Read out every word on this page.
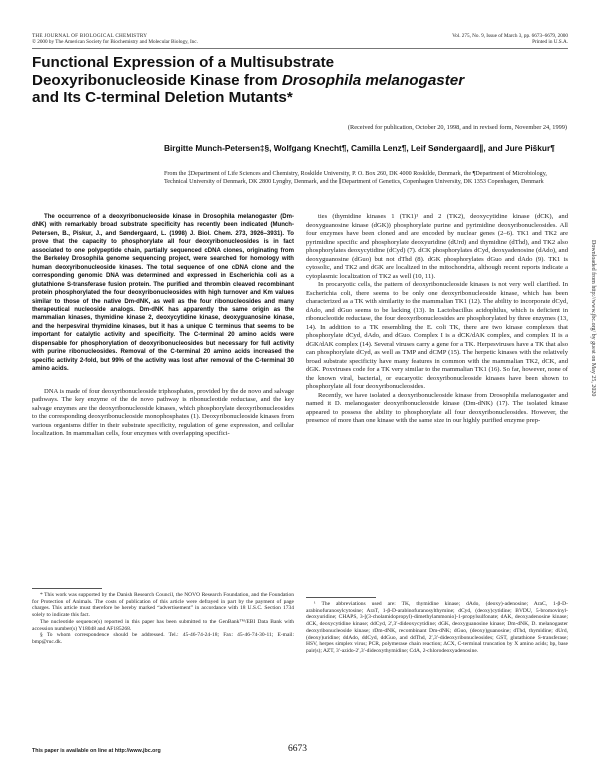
THE JOURNAL OF BIOLOGICAL CHEMISTRY
© 2000 by The American Society for Biochemistry and Molecular Biology, Inc.
Vol. 275, No. 9, Issue of March 3, pp. 6673–6679, 2000
Printed in U.S.A.
Functional Expression of a Multisubstrate Deoxyribonucleoside Kinase from Drosophila melanogaster and Its C-terminal Deletion Mutants*
(Received for publication, October 20, 1998, and in revised form, November 24, 1999)
Birgitte Munch-Petersen‡§, Wolfgang Knecht¶, Camilla Lenz¶, Leif Søndergaard∥, and Jure Piškur¶
From the ‡Department of Life Sciences and Chemistry, Roskilde University, P. O. Box 260, DK 4000 Roskilde, Denmark, the ¶Department of Microbiology, Technical University of Denmark, DK 2800 Lyngby, Denmark, and the ∥Department of Genetics, Copenhagen University, DK 1353 Copenhagen, Denmark

The occurrence of a deoxyribonucleoside kinase in Drosophila melanogaster (Dm-dNK) with remarkably broad substrate specificity has recently been indicated (Munch-Petersen, B., Piskur, J., and Søndergaard, L. (1998) J. Biol. Chem. 273, 3926–3931). To prove that the capacity to phosphorylate all four deoxyribonucleosides is in fact associated to one polypeptide chain, partially sequenced cDNA clones, originating from the Berkeley Drosophila genome sequencing project, were searched for homology with human deoxyribonucleoside kinases. The total sequence of one cDNA clone and the corresponding genomic DNA was determined and expressed in Escherichia coli as a glutathione S-transferase fusion protein. The purified and thrombin cleaved recombinant protein phosphorylated the four deoxyribonucleosides with high turnover and Km values similar to those of the native Dm-dNK, as well as the four ribonucleosides and many therapeutical nucleoside analogs. Dm-dNK has apparently the same origin as the mammalian kinases, thymidine kinase 2, deoxycytidine kinase, deoxyguanosine kinase, and the herpesviral thymidine kinases, but it has a unique C terminus that seems to be important for catalytic activity and specificity. The C-terminal 20 amino acids were dispensable for phosphorylation of deoxyribonucleosides but necessary for full activity with purine ribonucleosides. Removal of the C-terminal 20 amino acids increased the specific activity 2-fold, but 99% of the activity was lost after removal of the C-terminal 30 amino acids.

DNA is made of four deoxyribonucleoside triphosphates, provided by the de novo and salvage pathways. The key enzyme of the de novo pathway is ribonucleotide reductase, and the key salvage enzymes are the deoxyribonucleoside kinases, which phosphorylate deoxyribonucleosides to the corresponding deoxyribonucleoside monophosphates (1). Deoxyribonucleoside kinases from various organisms differ in their substrate specificity, regulation of gene expression, and cellular localization. In mammalian cells, four enzymes with overlapping specifici-

ties (thymidine kinases 1 (TK1)¹ and 2 (TK2), deoxycytidine kinase (dCK), and deoxyguanosine kinase (dGK)) phosphorylate purine and pyrimidine deoxyribonucleosides. All four enzymes have been cloned and are encoded by nuclear genes (2–6). TK1 and TK2 are pyrimidine specific and phosphorylate deoxyuridine (dUrd) and thymidine (dThd), and TK2 also phosphorylates deoxycytidine (dCyd) (7). dCK phosphorylates dCyd, deoxyadenosine (dAdo), and deoxyguanosine (dGuo) but not dThd (8). dGK phosphorylates dGuo and dAdo (9). TK1 is cytosolic, and TK2 and dGK are localized in the mitochondria, although recent reports indicate a cytoplasmic localization of TK2 as well (10, 11).

In procaryotic cells, the pattern of deoxyribonucleoside kinases is not very well clarified. In Escherichia coli, there seems to be only one deoxyribonucleoside kinase, which has been characterized as a TK with similarity to the mammalian TK1 (12). The ability to incorporate dCyd, dAdo, and dGuo seems to be lacking (13). In Lactobacillus acidophilus, which is deficient in ribonucleotide reductase, the four deoxyribonucleosides are phosphorylated by three enzymes (13, 14). In addition to a TK resembling the E. coli TK, there are two kinase complexes that phosphorylate dCyd, dAdo, and dGuo. Complex I is a dCK/dAK complex, and complex II is a dGK/dAK complex (14). Several viruses carry a gene for a TK. Herpesviruses have a TK that also can phosphorylate dCyd, as well as TMP and dCMP (15). The herpetic kinases with the relatively broad substrate specificity have many features in common with the mammalian TK2, dCK, and dGK. Poxviruses code for a TK very similar to the mammalian TK1 (16). So far, however, none of the known viral, bacterial, or eucaryotic deoxyribonucleoside kinases have been shown to phosphorylate all four deoxyribonucleosides.

Recently, we have isolated a deoxyribonucleoside kinase from Drosophila melanogaster and named it D. melanogaster deoxyribonucleoside kinase (Dm-dNK) (17). The isolated kinase appeared to possess the ability to phosphorylate all four deoxyribonucleosides. However, the presence of more than one kinase with the same size in our highly purified enzyme prep-

* This work was supported by the Danish Research Council, the NOVO Research Foundation, and the Foundation for Protection of Animals. The costs of publication of this article were defrayed in part by the payment of page charges. This article must therefore be hereby marked “advertisement” in accordance with 18 U.S.C. Section 1734 solely to indicate this fact.

The nucleotide sequence(s) reported in this paper has been submitted to the GenBank™/EBI Data Bank with accession number(s) Y18048 and AF185268.

§ To whom correspondence should be addressed. Tel.: 45-46-74-24-18; Fax: 45-46-74-30-11; E-mail: bmp@ruc.dk.

¹ The abbreviations used are: TK, thymidine kinase; dAdo, (deoxy)-adenosine; AraC, 1-β-D-arabinofuranosylcytosine; AraT, 1-β-D-arabinofuranosylthymine; dCyd, (deoxy)cytidine; BVDU, 5-bromovinyl-deoxyuridine; CHAPS, 3-[(3-cholamidopropyl)-dimethylammonio]-1-propylsulfonate; dAK, deoxyadenosine kinase; dCK, deoxycytidine kinase; ddCyd, 2′,3′-dideoxycytidine; dGK, deoxyguanosine kinase; Dm-dNK, D. melanogaster deoxyribonucleoside kinase; rDm-dNK, recombinant Dm-dNK; dGuo, (deoxy)guanosine; dThd, thymidine; dUrd, (deoxy)uridine; ddAdo, ddCyd, ddGuo, and ddThd, 2′,3′-dideoxyribonucleosides; GST, glutathione S-transferase; HSV, herpes simplex virus; PCR, polymerase chain reaction; ΔCX, C-terminal truncation by X amino acids; bp, base pair(s); AZT, 3′-azido-2′,3′-dideoxythymidine; CdA, 2-chlorodeoxyadenosine.

This paper is available on line at http://www.jbc.org	6673
Downloaded from http://www.jbc.org/ by guest on May 25, 2020
